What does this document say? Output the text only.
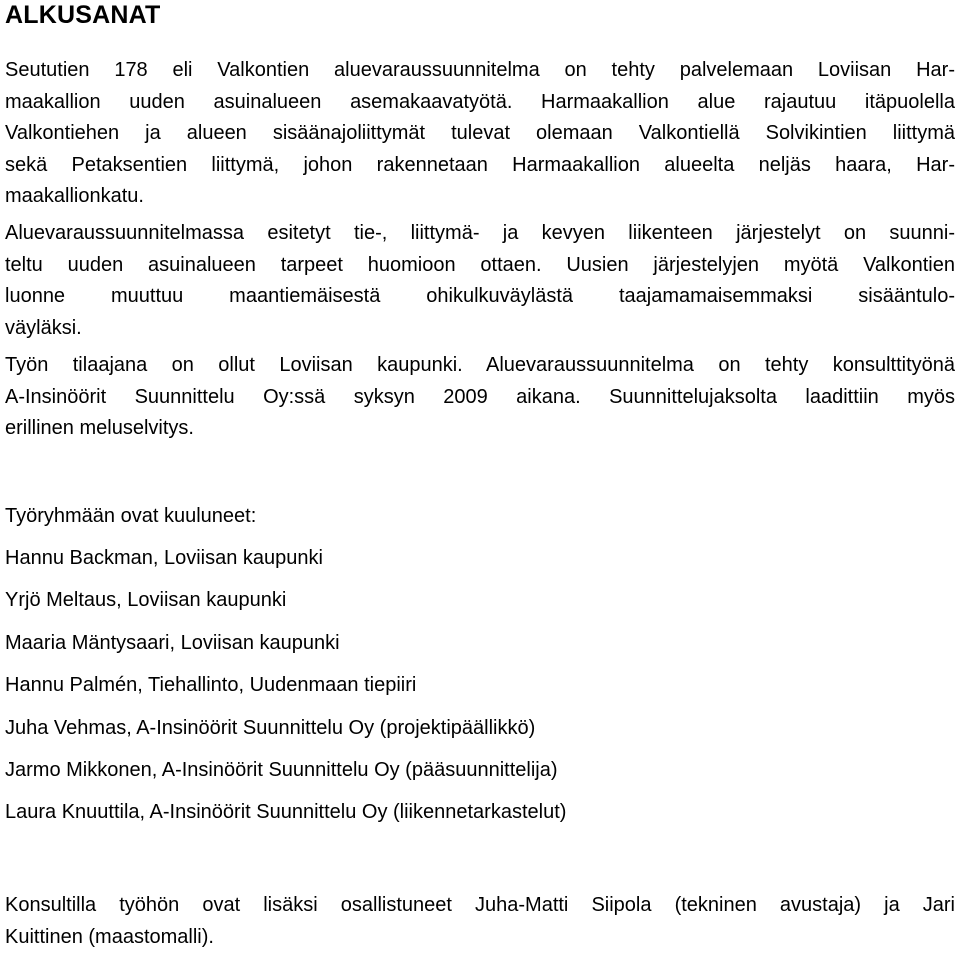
ALKUSANAT

Seututien 178 eli Valkontien aluevaraussuunnitelma on tehty palvelemaan Loviisan Har-
maakallion uuden asuinalueen asemakaavatyötä. Harmaakallion alue rajautuu itäpuolella
Valkontiehen ja alueen sisäänajoliittymät tulevat olemaan Valkontiellä Solvikintien liittymä
sekä Petaksentien liittymä, johon rakennetaan Harmaakallion alueelta neljäs haara, Har-
maakallionkatu.

Aluevaraussuunnitelmassa esitetyt tie-, liittymä- ja kevyen liikenteen järjestelyt on suunni-
teltu uuden asuinalueen tarpeet huomioon ottaen. Uusien järjestelyjen myötä Valkontien
luonne muuttuu maantiemäisestä ohikulkuväylästä taajamamaisemmaksi sisääntulo-
väyläksi.

Työn tilaajana on ollut Loviisan kaupunki. Aluevaraussuunnitelma on tehty konsulttityönä
A-Insinöörit Suunnittelu Oy:ssä syksyn 2009 aikana. Suunnittelujaksolta laadittiin myös
erillinen meluselvitys.

Työryhmään ovat kuuluneet:

Hannu Backman, Loviisan kaupunki
Yrjö Meltaus, Loviisan kaupunki
Maaria Mäntysaari, Loviisan kaupunki
Hannu Palmén, Tiehallinto, Uudenmaan tiepiiri
Juha Vehmas, A-Insinöörit Suunnittelu Oy (projektipäällikkö)
Jarmo Mikkonen, A-Insinöörit Suunnittelu Oy (pääsuunnittelija)
Laura Knuuttila, A-Insinöörit Suunnittelu Oy (liikennetarkastelut)

Konsultilla työhön ovat lisäksi osallistuneet Juha-Matti Siipola (tekninen avustaja) ja Jari
Kuittinen (maastomalli).
